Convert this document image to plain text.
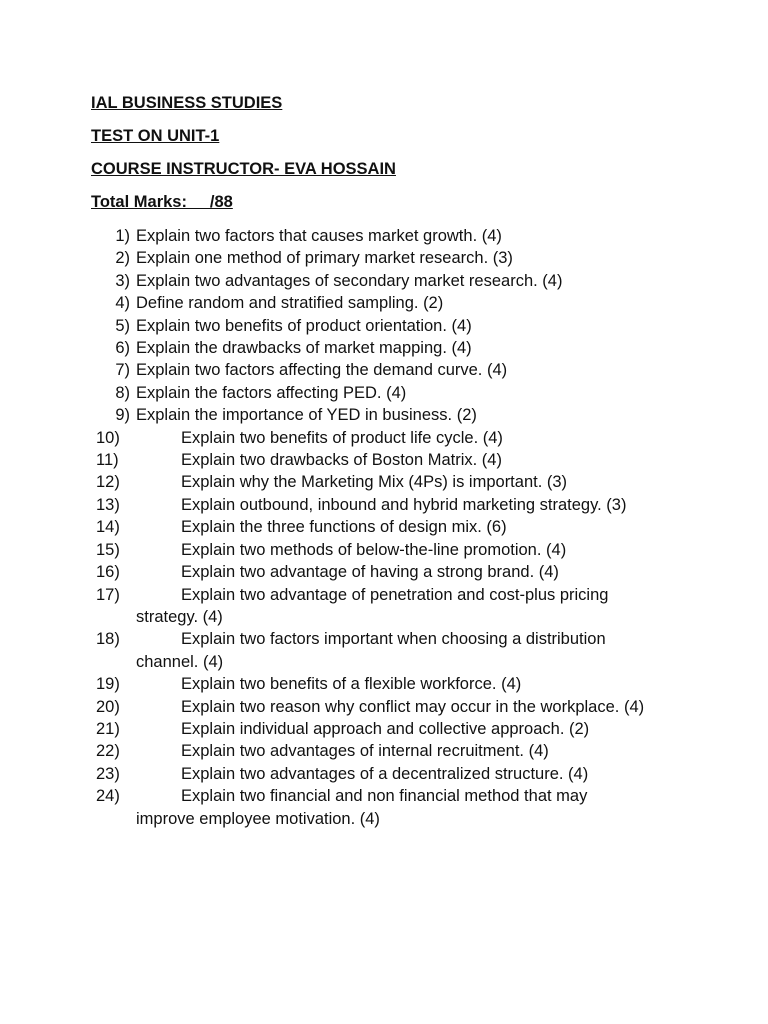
IAL BUSINESS STUDIES
TEST ON UNIT-1
COURSE INSTRUCTOR- EVA HOSSAIN
Total Marks:     /88
1) Explain two factors that causes market growth. (4)
2) Explain one method of primary market research. (3)
3) Explain two advantages of secondary market research. (4)
4) Define random and stratified sampling. (2)
5) Explain two benefits of product orientation. (4)
6) Explain the drawbacks of market mapping. (4)
7) Explain two factors affecting the demand curve. (4)
8) Explain the factors affecting PED. (4)
9) Explain the importance of YED in business. (2)
10)	Explain two benefits of product life cycle. (4)
11)	Explain two drawbacks of Boston Matrix. (4)
12)	Explain why the Marketing Mix (4Ps) is important. (3)
13)	Explain outbound, inbound and hybrid marketing strategy. (3)
14)	Explain the three functions of design mix. (6)
15)	Explain two methods of below-the-line promotion. (4)
16)	Explain two advantage of having a strong brand. (4)
17)	Explain two advantage of penetration and cost-plus pricing
strategy. (4)
18)	Explain two factors important when choosing a distribution
channel. (4)
19)	Explain two benefits of a flexible workforce. (4)
20)	Explain two reason why conflict may occur in the workplace. (4)
21)	Explain individual approach and collective approach. (2)
22)	Explain two advantages of internal recruitment. (4)
23)	Explain two advantages of a decentralized structure. (4)
24)	Explain two financial and non financial method that may
improve employee motivation. (4)
